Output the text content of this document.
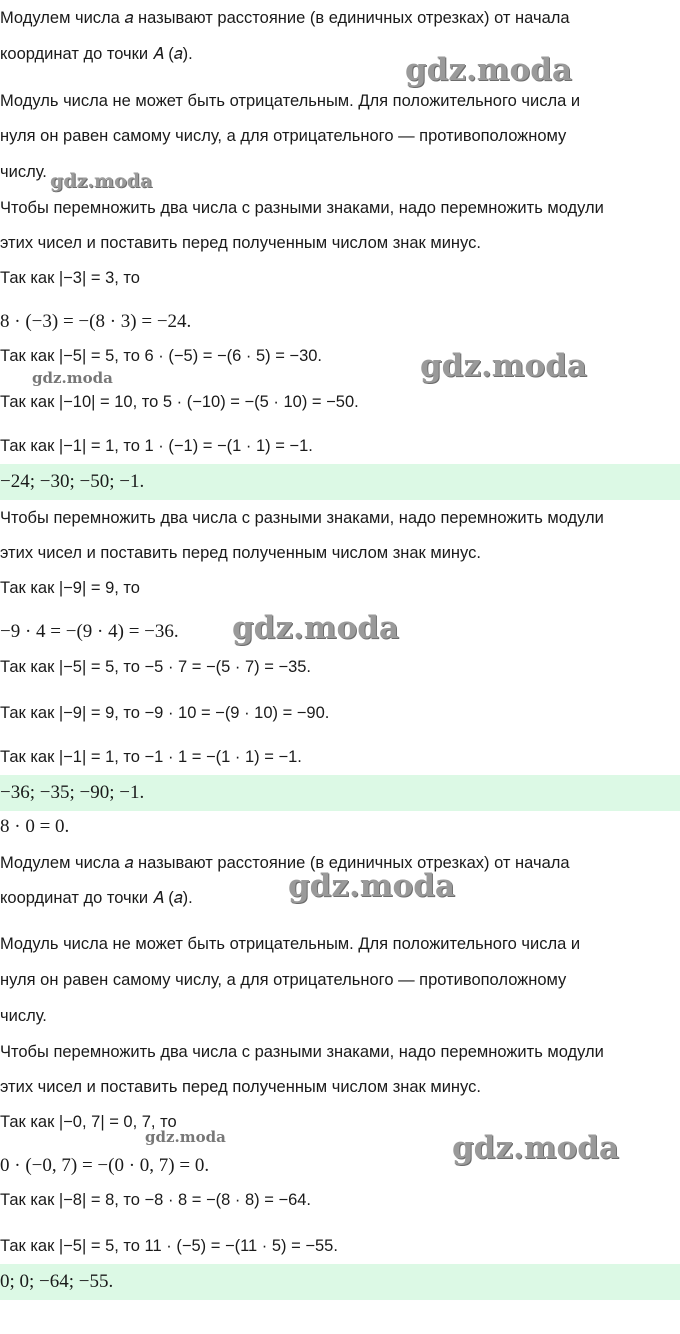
Модулем числа 𝑎 называют расстояние (в единичных отрезках) от начала
координат до точки 𝐴 (𝑎).	gdz.moda
Модуль числа не может быть отрицательным. Для положительного числа и
нуля он равен самому числу, а для отрицательного — противоположному
числу. gdz.moda
Чтобы перемножить два числа с разными знаками, надо перемножить модули
этих чисел и поставить перед полученным числом знак минус.
Так как |−3| = 3, то
8 · (−3) = −(8 · 3) = −24.
Так как |−5| = 5, то 6 · (−5) = −(6 · 5) = −30.
gdz.moda	gdz.moda
Так как |−10| = 10, то 5 · (−10) = −(5 · 10) = −50.
Так как |−1| = 1, то 1 · (−1) = −(1 · 1) = −1.
−24; −30; −50; −1.
Чтобы перемножить два числа с разными знаками, надо перемножить модули
этих чисел и поставить перед полученным числом знак минус.
Так как |−9| = 9, то
−9 · 4 = −(9 · 4) = −36. gdz.moda
Так как |−5| = 5, то −5 · 7 = −(5 · 7) = −35.
Так как |−9| = 9, то −9 · 10 = −(9 · 10) = −90.
Так как |−1| = 1, то −1 · 1 = −(1 · 1) = −1.
−36; −35; −90; −1.
8 · 0 = 0.
Модулем числа 𝑎 называют расстояние (в единичных отрезках) от начала
координат до точки 𝐴 (𝑎).	gdz.moda
Модуль числа не может быть отрицательным. Для положительного числа и
нуля он равен самому числу, а для отрицательного — противоположному
числу.
Чтобы перемножить два числа с разными знаками, надо перемножить модули
этих чисел и поставить перед полученным числом знак минус.
Так как |−0, 7| = 0, 7, то
gdz.moda	gdz.moda
0 · (−0, 7) = −(0 · 0, 7) = 0.
Так как |−8| = 8, то −8 · 8 = −(8 · 8) = −64.
Так как |−5| = 5, то 11 · (−5) = −(11 · 5) = −55.
0; 0; −64; −55.
